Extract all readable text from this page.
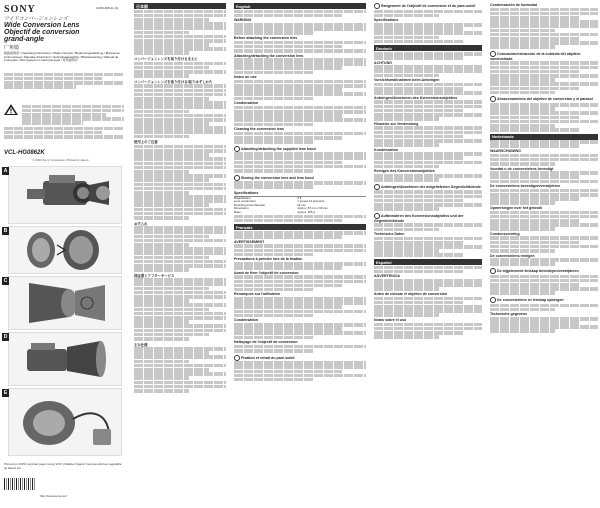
SONY	3-093-408-11 (1)
ワイドコンバージョンレンズ
Wide Conversion Lens
Objectif de conversion
grand-angle
广角镜
取扱説明書 / Operating Instructions / Mode d'emploi / Bedienungsanleitung / Manual de instrucciones / Manuale d'istruzioni / Gebruiksaanwijzing / Bruksanvisning / Manual de instruções / Инструкция по эксплуатации / 使用说明书
VCL-HG0862K
© 2004 Sony Corporation Printed in Japan
A
B
C
D
E
Printed on 100% recycled paper using VOC (Volatile Organic Compound)-free vegetable oil based ink.
http://www.sony.net/
日本語
コンバージョンレンズを取り付けるまえに
コンバージョンレンズを取り付ける/取りはずしかた
使用上のご注意
お手入れ
保証書とアフターサービス
主な仕様
English
WARNING
Before attaching the conversion lens
Attaching/detaching the conversion lens
Notes on use
Condensation
Cleaning the conversion lens
Attaching/detaching the supplied lens hood
Storing the conversion lens and lens hood
Specifications
Magnification	0.8
Lens construction	7 groups 10 elements
Mounting screw diameter	62 mm
Dimensions	Approx. 87 mm x 60 mm
Mass	Approx. 365 g
Français
AVERTISSEMENT
Précautions à prendre lors de la fixation
Avant de fixer l'objectif de conversion
Remarques sur l'utilisation
Condensation
Nettoyage de l'objectif de conversion
Fixation et retrait du pare-soleil
Rangement de l'objectif de conversion et du pare-soleil
Spécifications
Deutsch
ACHTUNG
Vorsichtsmaßnahmen beim Anbringen
Anbringen/Abnehmen des Konversionsobjektivs
Hinweise zur Verwendung
Kondensation
Reinigen des Konversionsobjektivs
Anbringen/Abnehmen der mitgelieferten Gegenlichtblende
Aufbewahren des Konversionsobjektivs und der Gegenlichtblende
Technische Daten
Español
ADVERTENCIA
Antes de colocar el objetivo de conversión
Notas sobre el uso
Condensación de humedad
Colocación/extracción de la cubierta del objetivo suministrada
Almacenamiento del objetivo de conversión y el parasol
Nederlands
WAARSCHUWING
Voordat u de conversielens bevestigt
De conversielens bevestigen/verwijderen
Opmerkingen over het gebruik
Condensvorming
De conversielens reinigen
De bijgeleverde lenskap bevestigen/verwijderen
De conversielens en lenskap opbergen
Technische gegevens
